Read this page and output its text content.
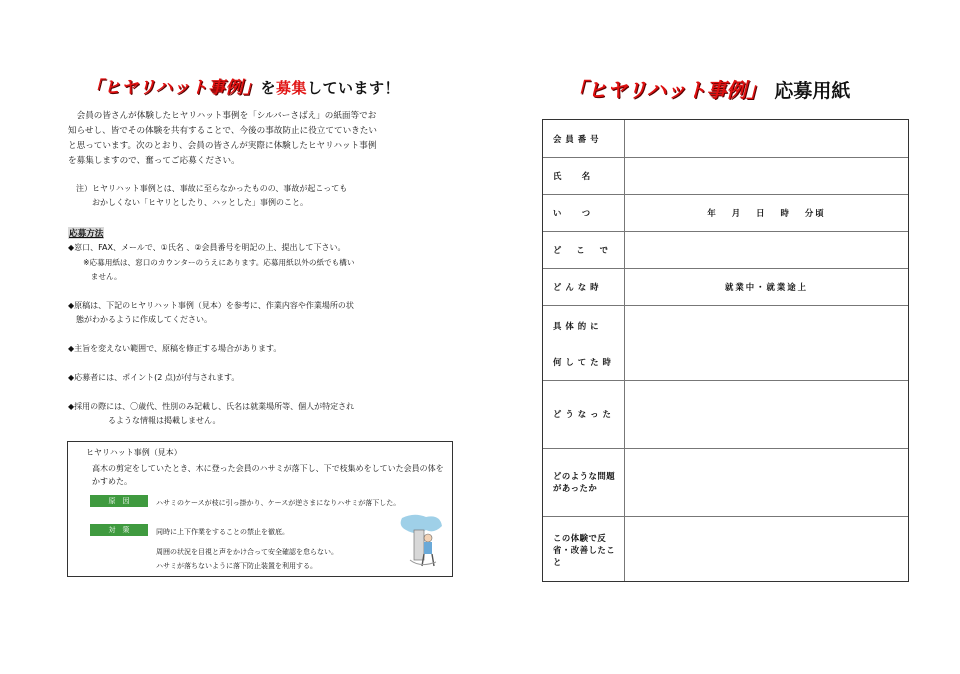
「ヒヤリハット事例」を募集しています！
　会員の皆さんが体験したヒヤリハット事例を「シルバーさばえ」の紙面等でお
知らせし、皆でその体験を共有することで、今後の事故防止に役立てていきたい
と思っています。次のとおり、会員の皆さんが実際に体験したヒヤリハット事例
を募集しますので、奮ってご応募ください。
　注）ヒヤリハット事例とは、事故に至らなかったものの、事故が起こっても
　　　おかしくない「ヒヤリとしたり、ハッとした」事例のこと。
応募方法
◆窓口、FAX、メールで、①氏名 、②会員番号を明記の上、提出して下さい。
　　※応募用紙は、窓口のカウンターのうえにあります。応募用紙以外の紙でも構い
　　　ません。
◆原稿は、下記のヒヤリハット事例（見本）を参考に、作業内容や作業場所の状
　態がわかるように作成してください。
◆主旨を変えない範囲で、原稿を修正する場合があります。
◆応募者には、ポイント(2 点)が付与されます。
◆採用の際には、〇歳代、性別のみ記載し、氏名は就業場所等、個人が特定され
　　　　　るような情報は掲載しません。
ヒヤリハット事例（見本）
高木の剪定をしていたとき、木に登った会員のハサミが落下し、下で枝集めをしていた会員の体をかすめた。
原　因	ハサミのケースが枝に引っ掛かり、ケースが逆さまになりハサミが落下した。
対　策	同時に上下作業をすることの禁止を徹底。
周囲の状況を目視と声をかけ合って安全確認を怠らない。
ハサミが落ちないように落下防止装置を利用する。
「ヒヤリハット事例」 応募用紙
会員番号
氏　名
い　つ	年 月 日 時 分頃
ど こ で
どんな時	就業中・就業途上
具体的に
何してた時
どうなった
どのような問題があったか
この体験で反省・改善したこと
